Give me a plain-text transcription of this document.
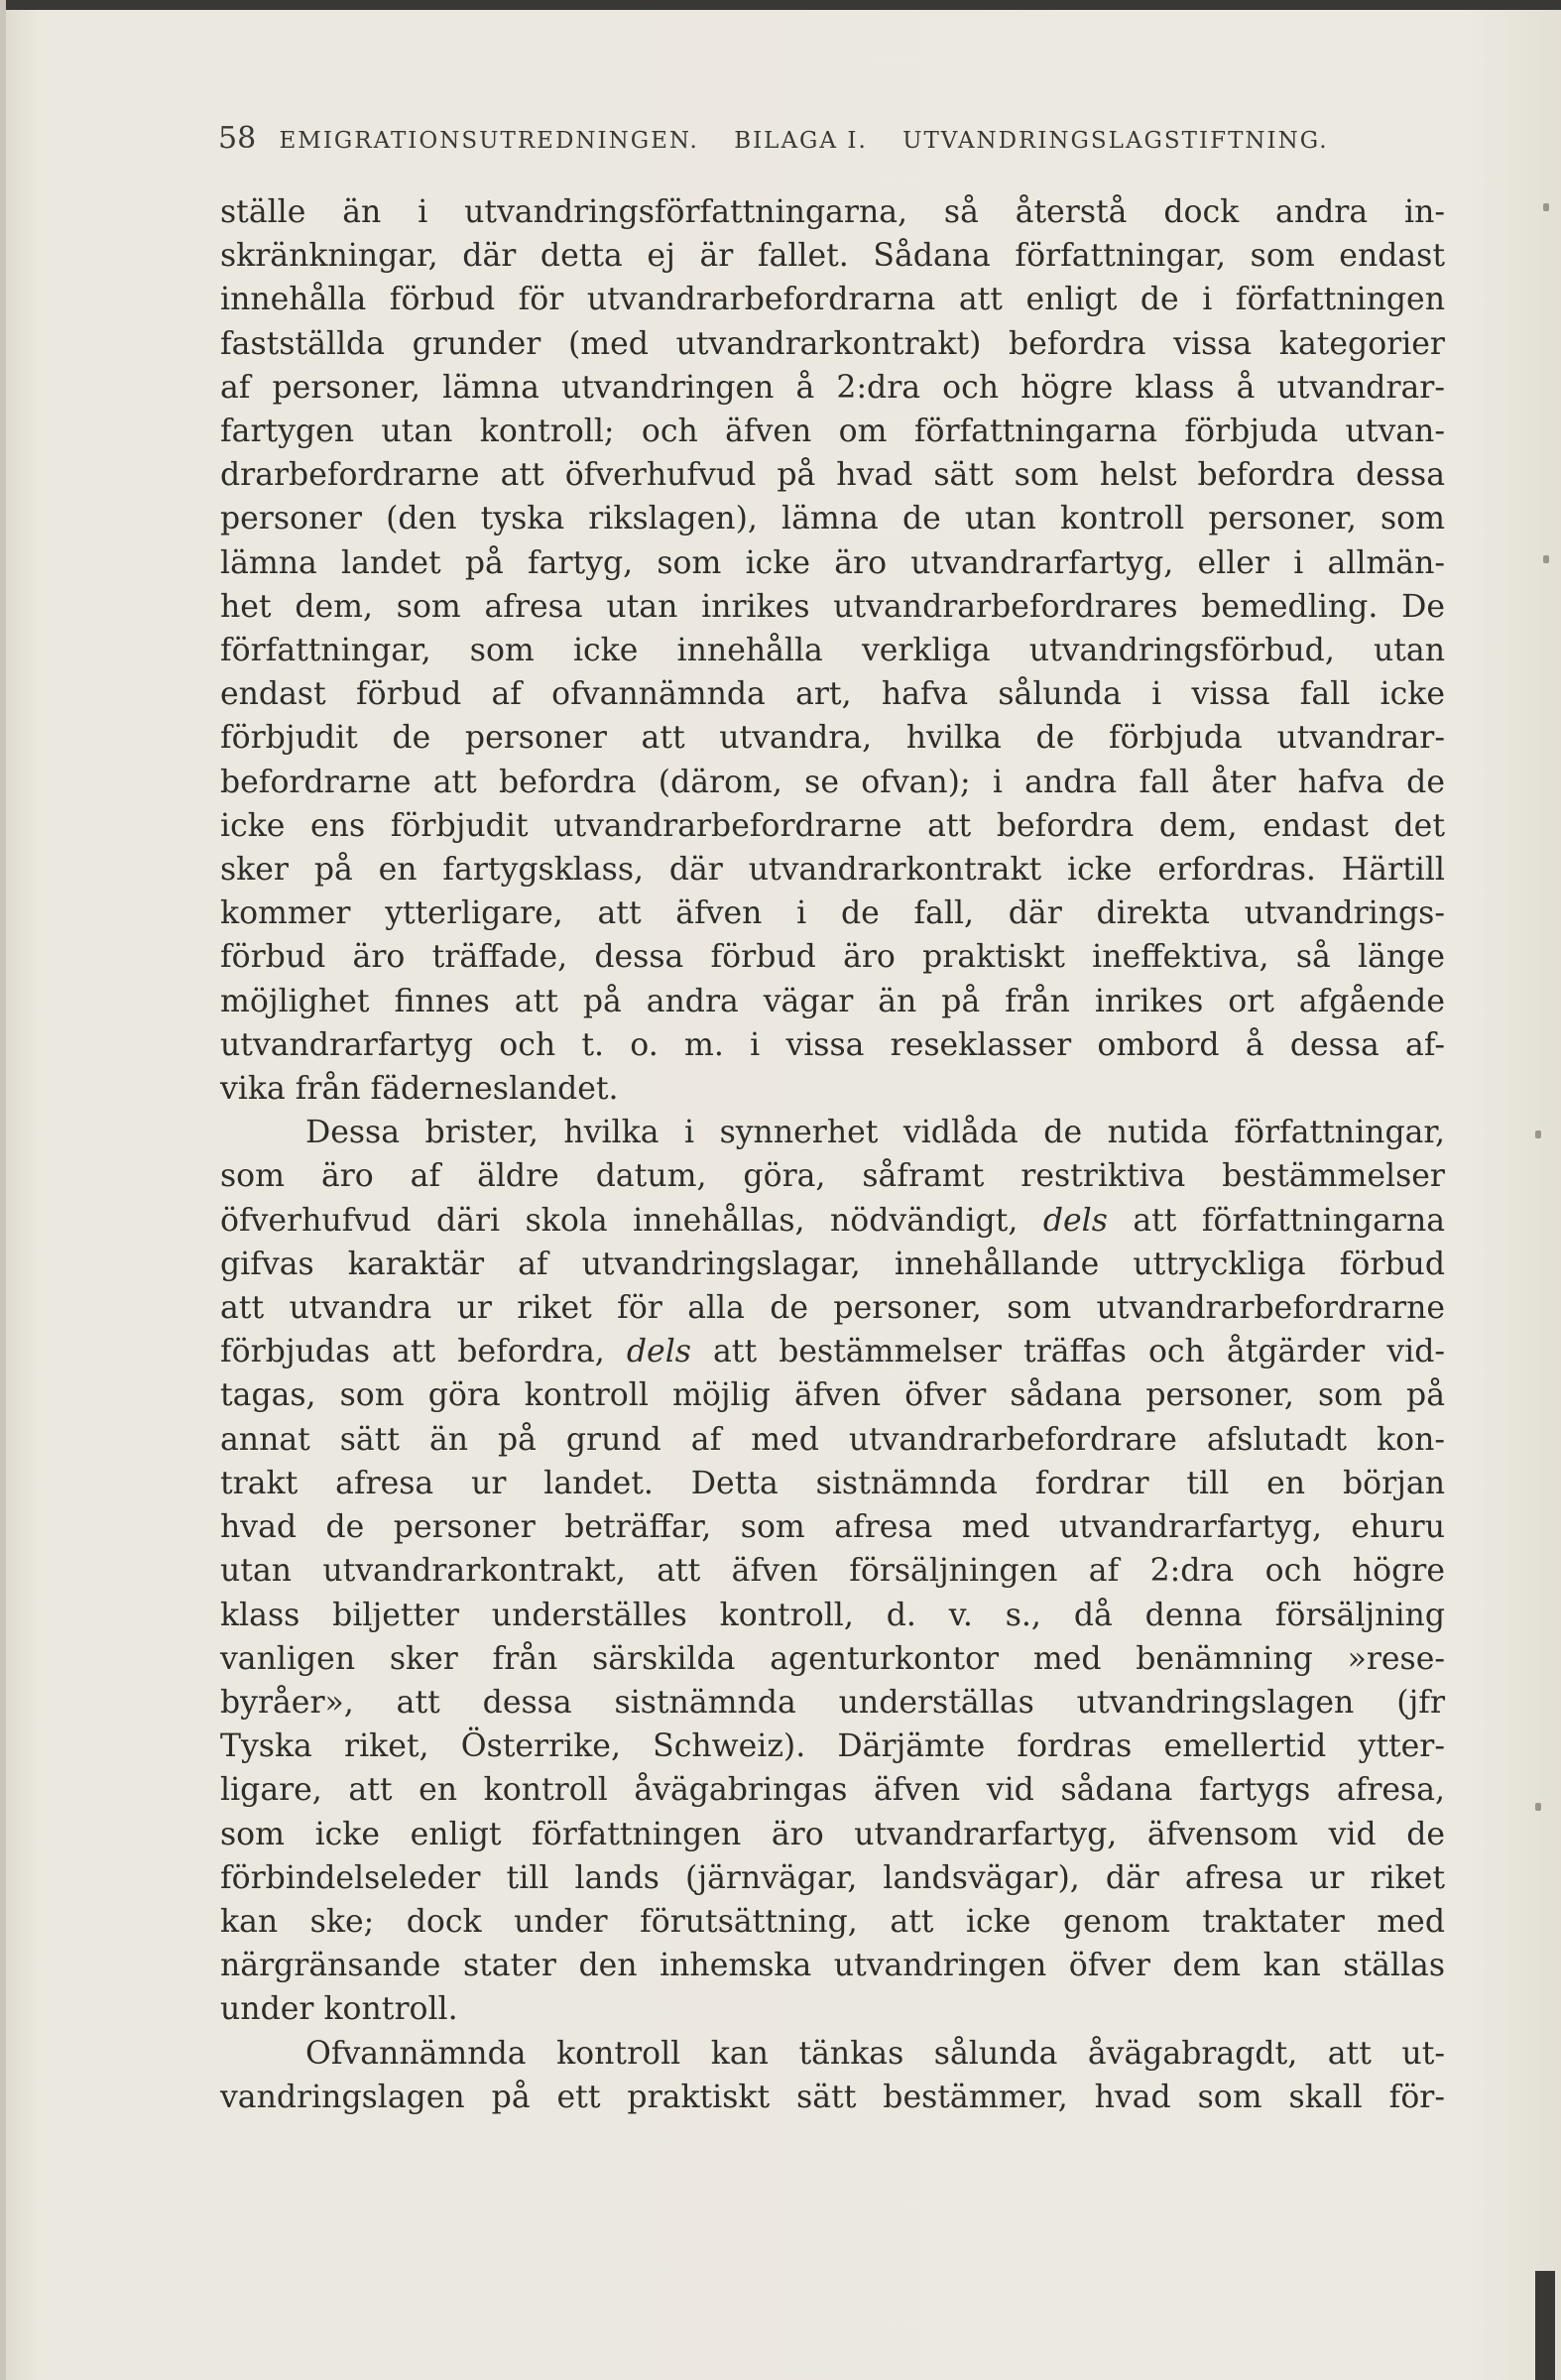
58 EMIGRATIONSUTREDNINGEN. BILAGA I. UTVANDRINGSLAGSTIFTNING.
ställe än i utvandringsförfattningarna, så återstå dock andra in-
skränkningar, där detta ej är fallet. Sådana författningar, som endast
innehålla förbud för utvandrarbefordrarna att enligt de i författningen
fastställda grunder (med utvandrarkontrakt) befordra vissa kategorier
af personer, lämna utvandringen å 2:dra och högre klass å utvandrar-
fartygen utan kontroll; och äfven om författningarna förbjuda utvan-
drarbefordrarne att öfverhufvud på hvad sätt som helst befordra dessa
personer (den tyska rikslagen), lämna de utan kontroll personer, som
lämna landet på fartyg, som icke äro utvandrarfartyg, eller i allmän-
het dem, som afresa utan inrikes utvandrarbefordrares bemedling. De
författningar, som icke innehålla verkliga utvandringsförbud, utan
endast förbud af ofvannämnda art, hafva sålunda i vissa fall icke
förbjudit de personer att utvandra, hvilka de förbjuda utvandrar-
befordrarne att befordra (därom, se ofvan); i andra fall åter hafva de
icke ens förbjudit utvandrarbefordrarne att befordra dem, endast det
sker på en fartygsklass, där utvandrarkontrakt icke erfordras. Härtill
kommer ytterligare, att äfven i de fall, där direkta utvandrings-
förbud äro träffade, dessa förbud äro praktiskt ineffektiva, så länge
möjlighet finnes att på andra vägar än på från inrikes ort afgående
utvandrarfartyg och t. o. m. i vissa reseklasser ombord å dessa af-
vika från fäderneslandet.
Dessa brister, hvilka i synnerhet vidlåda de nutida författningar,
som äro af äldre datum, göra, såframt restriktiva bestämmelser
öfverhufvud däri skola innehållas, nödvändigt, dels att författningarna
gifvas karaktär af utvandringslagar, innehållande uttryckliga förbud
att utvandra ur riket för alla de personer, som utvandrarbefordrarne
förbjudas att befordra, dels att bestämmelser träffas och åtgärder vid-
tagas, som göra kontroll möjlig äfven öfver sådana personer, som på
annat sätt än på grund af med utvandrarbefordrare afslutadt kon-
trakt afresa ur landet. Detta sistnämnda fordrar till en början
hvad de personer beträffar, som afresa med utvandrarfartyg, ehuru
utan utvandrarkontrakt, att äfven försäljningen af 2:dra och högre
klass biljetter underställes kontroll, d. v. s., då denna försäljning
vanligen sker från särskilda agenturkontor med benämning »rese-
byråer», att dessa sistnämnda underställas utvandringslagen (jfr
Tyska riket, Österrike, Schweiz). Därjämte fordras emellertid ytter-
ligare, att en kontroll åvägabringas äfven vid sådana fartygs afresa,
som icke enligt författningen äro utvandrarfartyg, äfvensom vid de
förbindelseleder till lands (järnvägar, landsvägar), där afresa ur riket
kan ske; dock under förutsättning, att icke genom traktater med
närgränsande stater den inhemska utvandringen öfver dem kan ställas
under kontroll.
Ofvannämnda kontroll kan tänkas sålunda åvägabragdt, att ut-
vandringslagen på ett praktiskt sätt bestämmer, hvad som skall för-
